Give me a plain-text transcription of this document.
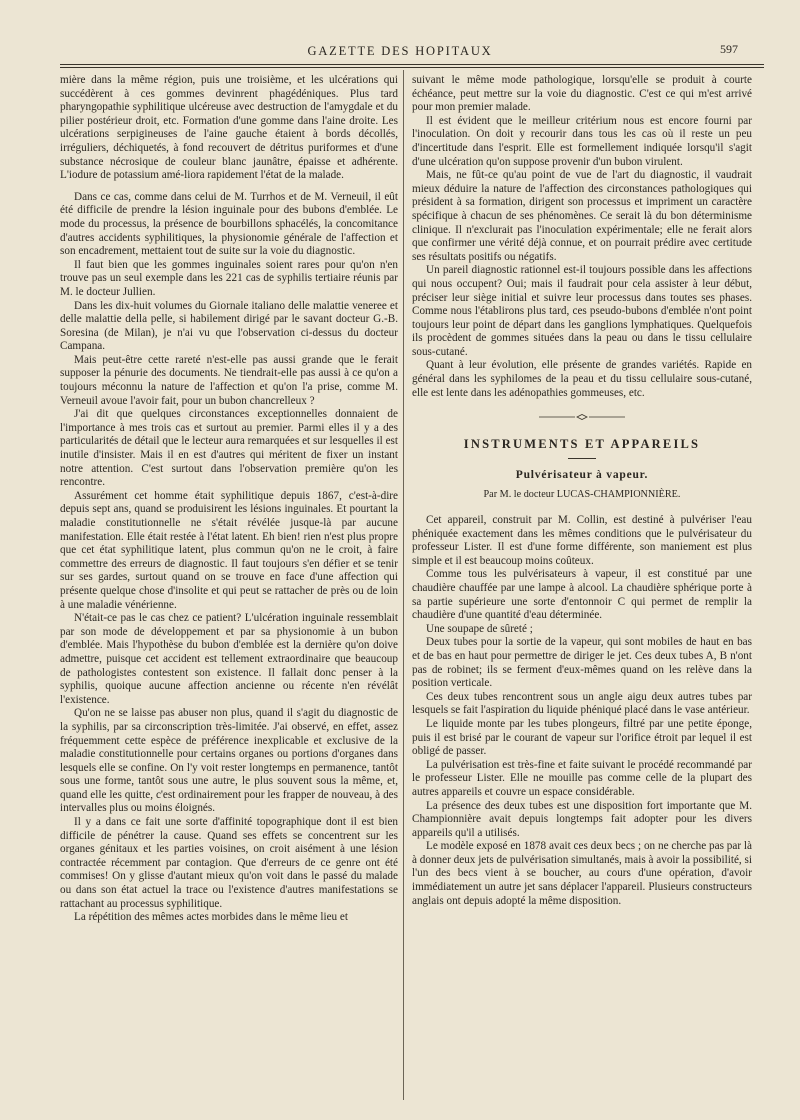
GAZETTE DES HOPITAUX	597

mière dans la même région, puis une troisième, et les ulcérations qui succédèrent à ces gommes devinrent phagédéniques. Plus tard pharyngopathie syphilitique ulcéreuse avec destruction de l'amygdale et du pilier postérieur droit, etc. Formation d'une gomme dans l'aine droite. Les ulcérations serpigineuses de l'aine gauche étaient à bords décollés, irréguliers, déchiquetés, à fond recouvert de détritus puriformes et d'une substance nécrosique de couleur blanc jaunâtre, épaisse et adhérente. L'iodure de potassium amé-liora rapidement l'état de la malade.

Dans ce cas, comme dans celui de M. Turrhos et de M. Verneuil, il eût été difficile de prendre la lésion inguinale pour des bubons d'emblée. Le mode du processus, la présence de bourbillons sphacélés, la concomitance d'autres accidents syphilitiques, la physionomie générale de l'affection et son encadrement, mettaient tout de suite sur la voie du diagnostic.

Il faut bien que les gommes inguinales soient rares pour qu'on n'en trouve pas un seul exemple dans les 221 cas de syphilis tertiaire réunis par M. le docteur Jullien.

Dans les dix-huit volumes du Giornale italiano delle malattie veneree et delle malattie della pelle, si habilement dirigé par le savant docteur G.-B. Soresina (de Milan), je n'ai vu que l'observation ci-dessus du docteur Campana.

Mais peut-être cette rareté n'est-elle pas aussi grande que le ferait supposer la pénurie des documents. Ne tiendrait-elle pas aussi à ce qu'on a toujours méconnu la nature de l'affection et qu'on l'a prise, comme M. Verneuil avoue l'avoir fait, pour un bubon chancrelleux ?

J'ai dit que quelques circonstances exceptionnelles donnaient de l'importance à mes trois cas et surtout au premier. Parmi elles il y a des particularités de détail que le lecteur aura remarquées et sur lesquelles il est inutile d'insister. Mais il en est d'autres qui méritent de fixer un instant notre attention. C'est surtout dans l'observation première qu'on les rencontre.

Assurément cet homme était syphilitique depuis 1867, c'est-à-dire depuis sept ans, quand se produisirent les lésions inguinales. Et pourtant la maladie constitutionnelle ne s'était révélée jusque-là par aucune manifestation. Elle était restée à l'état latent. Eh bien! rien n'est plus propre que cet état syphilitique latent, plus commun qu'on ne le croit, à faire commettre des erreurs de diagnostic. Il faut toujours s'en défier et se tenir sur ses gardes, surtout quand on se trouve en face d'une affection qui présente quelque chose d'insolite et qui peut se rattacher de près ou de loin à une maladie vénérienne.

N'était-ce pas le cas chez ce patient? L'ulcération inguinale ressemblait par son mode de développement et par sa physionomie à un bubon d'emblée. Mais l'hypothèse du bubon d'emblée est la dernière qu'on doive admettre, puisque cet accident est tellement extraordinaire que beaucoup de pathologistes contestent son existence. Il fallait donc penser à la syphilis, quoique aucune affection ancienne ou récente n'en révélât l'existence.

Qu'on ne se laisse pas abuser non plus, quand il s'agit du diagnostic de la syphilis, par sa circonscription très-limitée. J'ai observé, en effet, assez fréquemment cette espèce de préférence inexplicable et exclusive de la maladie constitutionnelle pour certains organes ou portions d'organes dans lesquels elle se confine. On l'y voit rester longtemps en permanence, tantôt sous une forme, tantôt sous une autre, le plus souvent sous la même, et, quand elle les quitte, c'est ordinairement pour les frapper de nouveau, à des intervalles plus ou moins éloignés.

Il y a dans ce fait une sorte d'affinité topographique dont il est bien difficile de pénétrer la cause. Quand ses effets se concentrent sur les organes génitaux et les parties voisines, on croit aisément à une lésion contractée récemment par contagion. Que d'erreurs de ce genre ont été commises! On y glisse d'autant mieux qu'on voit dans le passé du malade ou dans son état actuel la trace ou l'existence d'autres manifestations se rattachant au processus syphilitique.

La répétition des mêmes actes morbides dans le même lieu et

suivant le même mode pathologique, lorsqu'elle se produit à courte échéance, peut mettre sur la voie du diagnostic. C'est ce qui m'est arrivé pour mon premier malade.

Il est évident que le meilleur critérium nous est encore fourni par l'inoculation. On doit y recourir dans tous les cas où il reste un peu d'incertitude dans l'esprit. Elle est formellement indiquée lorsqu'il s'agit d'une ulcération qu'on suppose provenir d'un bubon virulent.

Mais, ne fût-ce qu'au point de vue de l'art du diagnostic, il vaudrait mieux déduire la nature de l'affection des circonstances pathologiques qui président à sa formation, dirigent son processus et impriment un caractère spécifique à chacun de ses phénomènes. Ce serait là du bon déterminisme clinique. Il n'exclurait pas l'inoculation expérimentale; elle ne ferait alors que confirmer une vérité déjà connue, et on pourrait prédire avec certitude ses résultats positifs ou négatifs.

Un pareil diagnostic rationnel est-il toujours possible dans les affections qui nous occupent? Oui; mais il faudrait pour cela assister à leur début, préciser leur siège initial et suivre leur processus dans toutes ses phases. Comme nous l'établirons plus tard, ces pseudo-bubons d'emblée n'ont point toujours leur point de départ dans les ganglions lymphatiques. Quelquefois ils procèdent de gommes situées dans la peau ou dans le tissu cellulaire sous-cutané.

Quant à leur évolution, elle présente de grandes variétés. Rapide en général dans les syphilomes de la peau et du tissu cellulaire sous-cutané, elle est lente dans les adénopathies gommeuses, etc.

INSTRUMENTS ET APPAREILS
Pulvérisateur à vapeur.
Par M. le docteur LUCAS-CHAMPIONNIÈRE.

Cet appareil, construit par M. Collin, est destiné à pulvériser l'eau phéniquée exactement dans les mêmes conditions que le pulvérisateur du professeur Lister. Il est d'une forme différente, son maniement est plus simple et il est beaucoup moins coûteux.

Comme tous les pulvérisateurs à vapeur, il est constitué par une chaudière chauffée par une lampe à alcool. La chaudière sphérique porte à sa partie supérieure une sorte d'entonnoir C qui permet de remplir la chaudière d'une quantité d'eau déterminée.

Une soupape de sûreté ;

Deux tubes pour la sortie de la vapeur, qui sont mobiles de haut en bas et de bas en haut pour permettre de diriger le jet. Ces deux tubes A, B n'ont pas de robinet; ils se ferment d'eux-mêmes quand on les relève dans la position verticale.

Ces deux tubes rencontrent sous un angle aigu deux autres tubes par lesquels se fait l'aspiration du liquide phéniqué placé dans le vase antérieur.

Le liquide monte par les tubes plongeurs, filtré par une petite éponge, puis il est brisé par le courant de vapeur sur l'orifice étroit par lequel il est obligé de passer.

La pulvérisation est très-fine et faite suivant le procédé recommandé par le professeur Lister. Elle ne mouille pas comme celle de la plupart des autres appareils et couvre un espace considérable.

La présence des deux tubes est une disposition fort importante que M. Championnière avait depuis longtemps fait adopter pour les divers appareils qu'il a utilisés.

Le modèle exposé en 1878 avait ces deux becs ; on ne cherche pas par là à donner deux jets de pulvérisation simultanés, mais à avoir la possibilité, si l'un des becs vient à se boucher, au cours d'une opération, d'avoir immédiatement un autre jet sans déplacer l'appareil. Plusieurs constructeurs anglais ont depuis adopté la même disposition.
